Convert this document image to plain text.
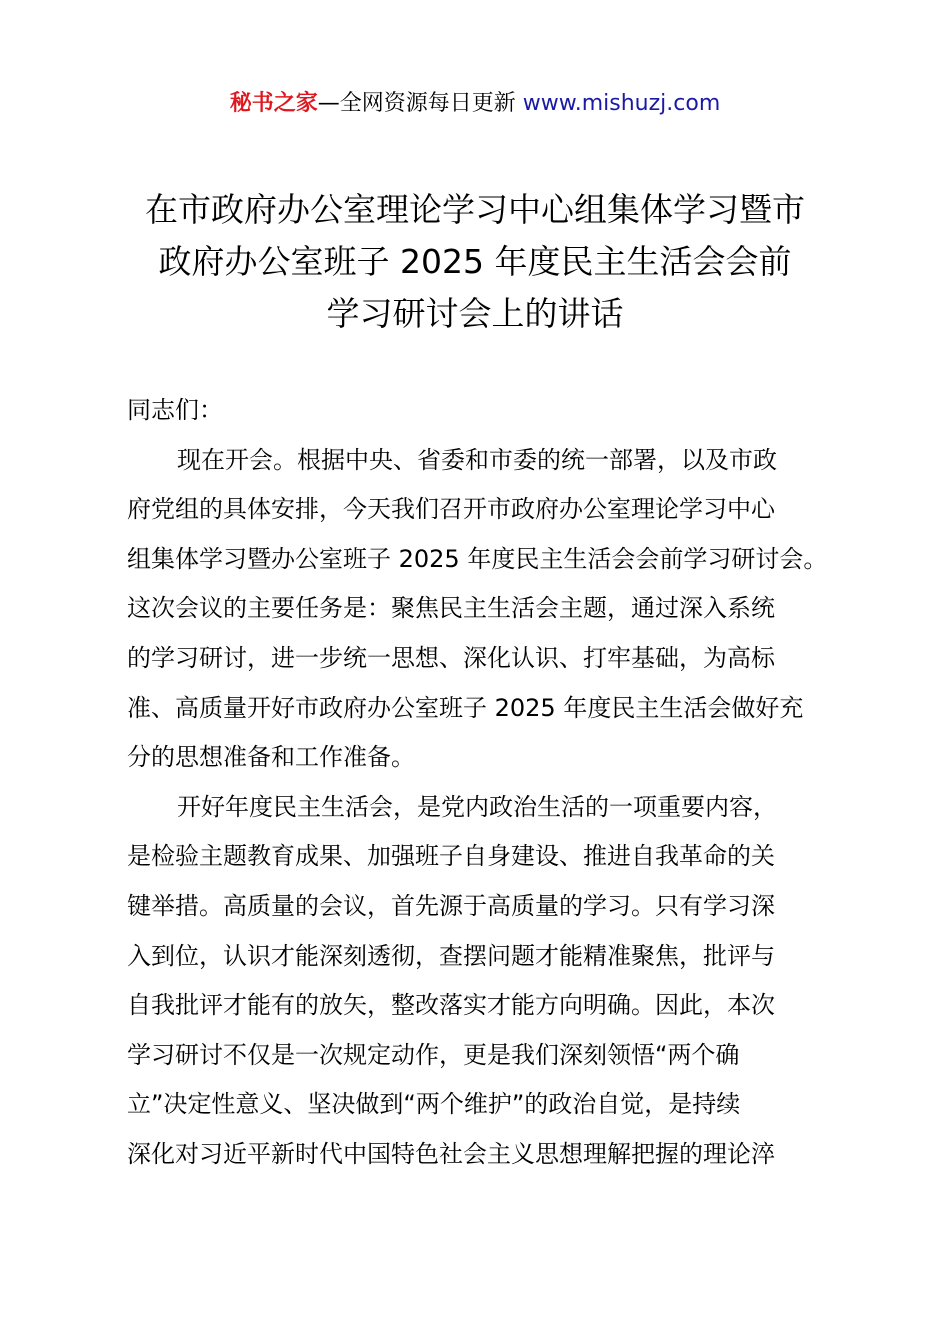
秘书之家—全网资源每日更新 www.mishuzj.com
在市政府办公室理论学习中心组集体学习暨市
政府办公室班子 2025 年度民主生活会会前
学习研讨会上的讲话
同志们：
现在开会。根据中央、省委和市委的统一部署，以及市政
府党组的具体安排，今天我们召开市政府办公室理论学习中心
组集体学习暨办公室班子 2025 年度民主生活会会前学习研讨会。
这次会议的主要任务是：聚焦民主生活会主题，通过深入系统
的学习研讨，进一步统一思想、深化认识、打牢基础，为高标
准、高质量开好市政府办公室班子 2025 年度民主生活会做好充
分的思想准备和工作准备。
开好年度民主生活会，是党内政治生活的一项重要内容，
是检验主题教育成果、加强班子自身建设、推进自我革命的关
键举措。高质量的会议，首先源于高质量的学习。只有学习深
入到位，认识才能深刻透彻，查摆问题才能精准聚焦，批评与
自我批评才能有的放矢，整改落实才能方向明确。因此，本次
学习研讨不仅是一次规定动作，更是我们深刻领悟“两个确
立”决定性意义、坚决做到“两个维护”的政治自觉，是持续
深化对习近平新时代中国特色社会主义思想理解把握的理论淬
